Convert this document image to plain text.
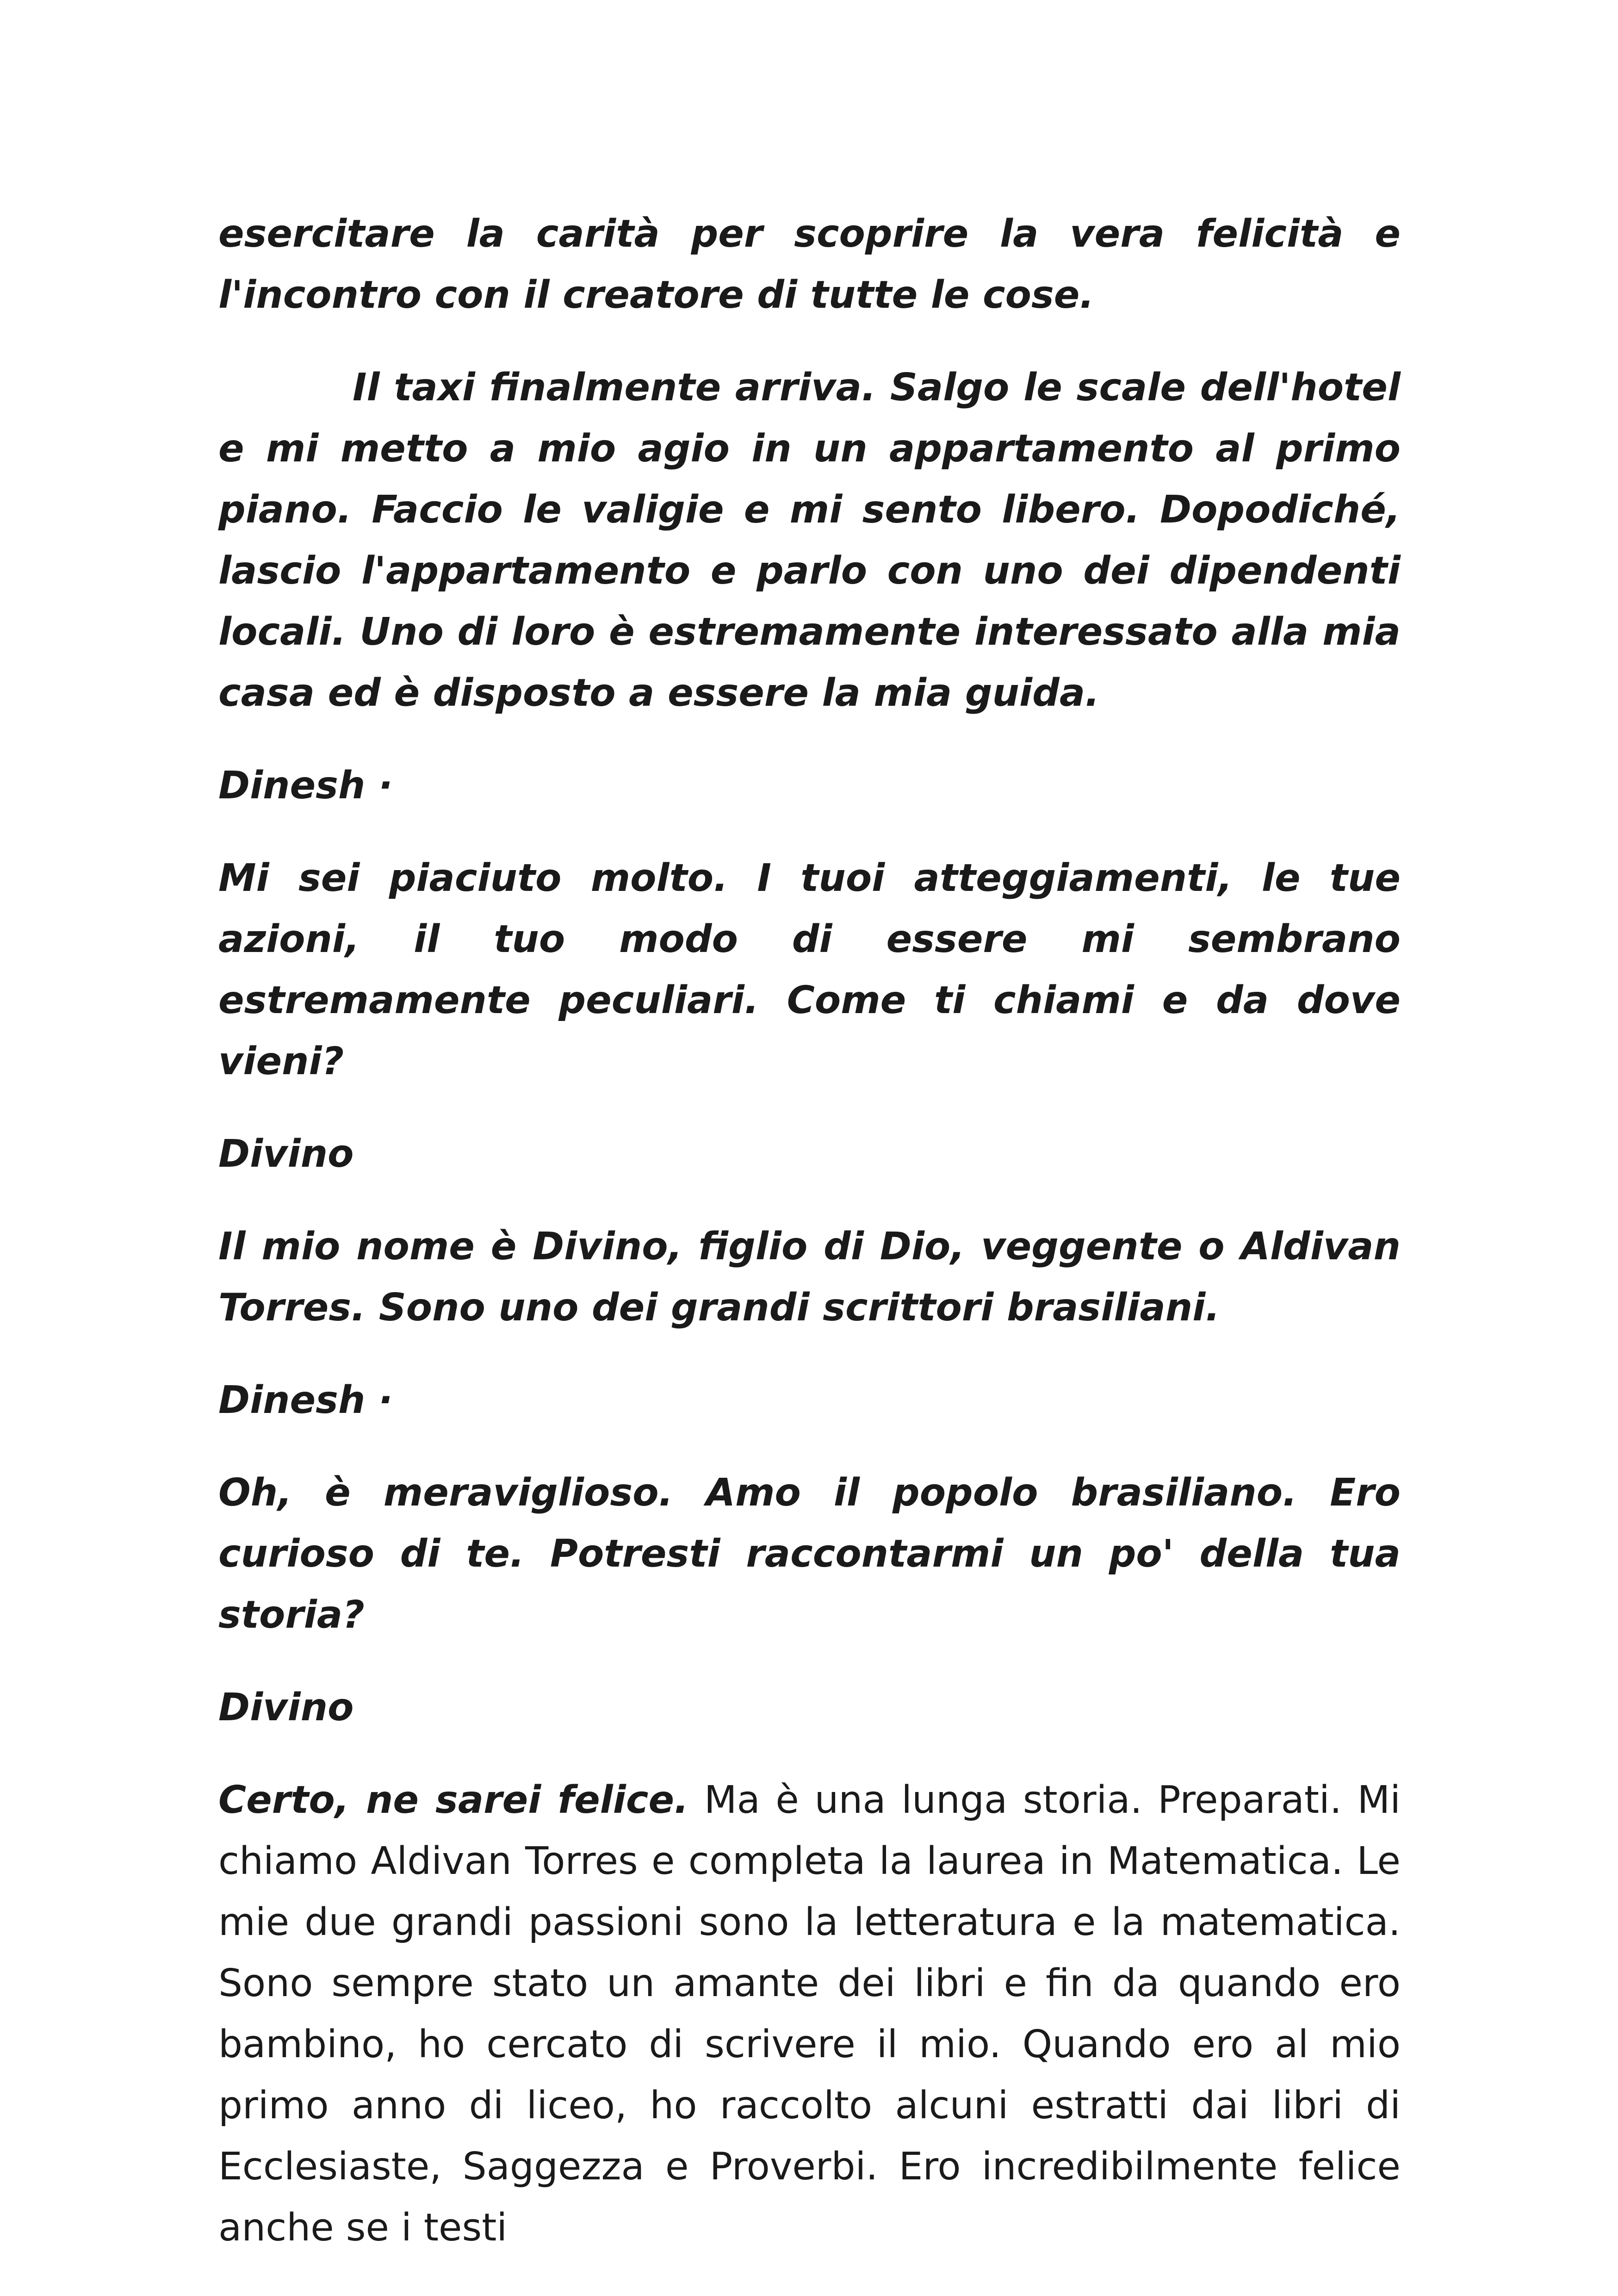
esercitare la carità per scoprire la vera felicità e l'incontro con il creatore di tutte le cose.

Il taxi finalmente arriva. Salgo le scale dell'hotel e mi metto a mio agio in un appartamento al primo piano. Faccio le valigie e mi sento libero. Dopodiché, lascio l'appartamento e parlo con uno dei dipendenti locali. Uno di loro è estremamente interessato alla mia casa ed è disposto a essere la mia guida.

Dinesh ·

Mi sei piaciuto molto. I tuoi atteggiamenti, le tue azioni, il tuo modo di essere mi sembrano estremamente peculiari. Come ti chiami e da dove vieni?

Divino

Il mio nome è Divino, figlio di Dio, veggente o Aldivan Torres. Sono uno dei grandi scrittori brasiliani.

Dinesh ·

Oh, è meraviglioso. Amo il popolo brasiliano. Ero curioso di te. Potresti raccontarmi un po' della tua storia?

Divino

Certo, ne sarei felice. Ma è una lunga storia. Preparati. Mi chiamo Aldivan Torres e completa la laurea in Matematica. Le mie due grandi passioni sono la letteratura e la matematica. Sono sempre stato un amante dei libri e fin da quando ero bambino, ho cercato di scrivere il mio. Quando ero al mio primo anno di liceo, ho raccolto alcuni estratti dai libri di Ecclesiaste, Saggezza e Proverbi. Ero incredibilmente felice anche se i testi
